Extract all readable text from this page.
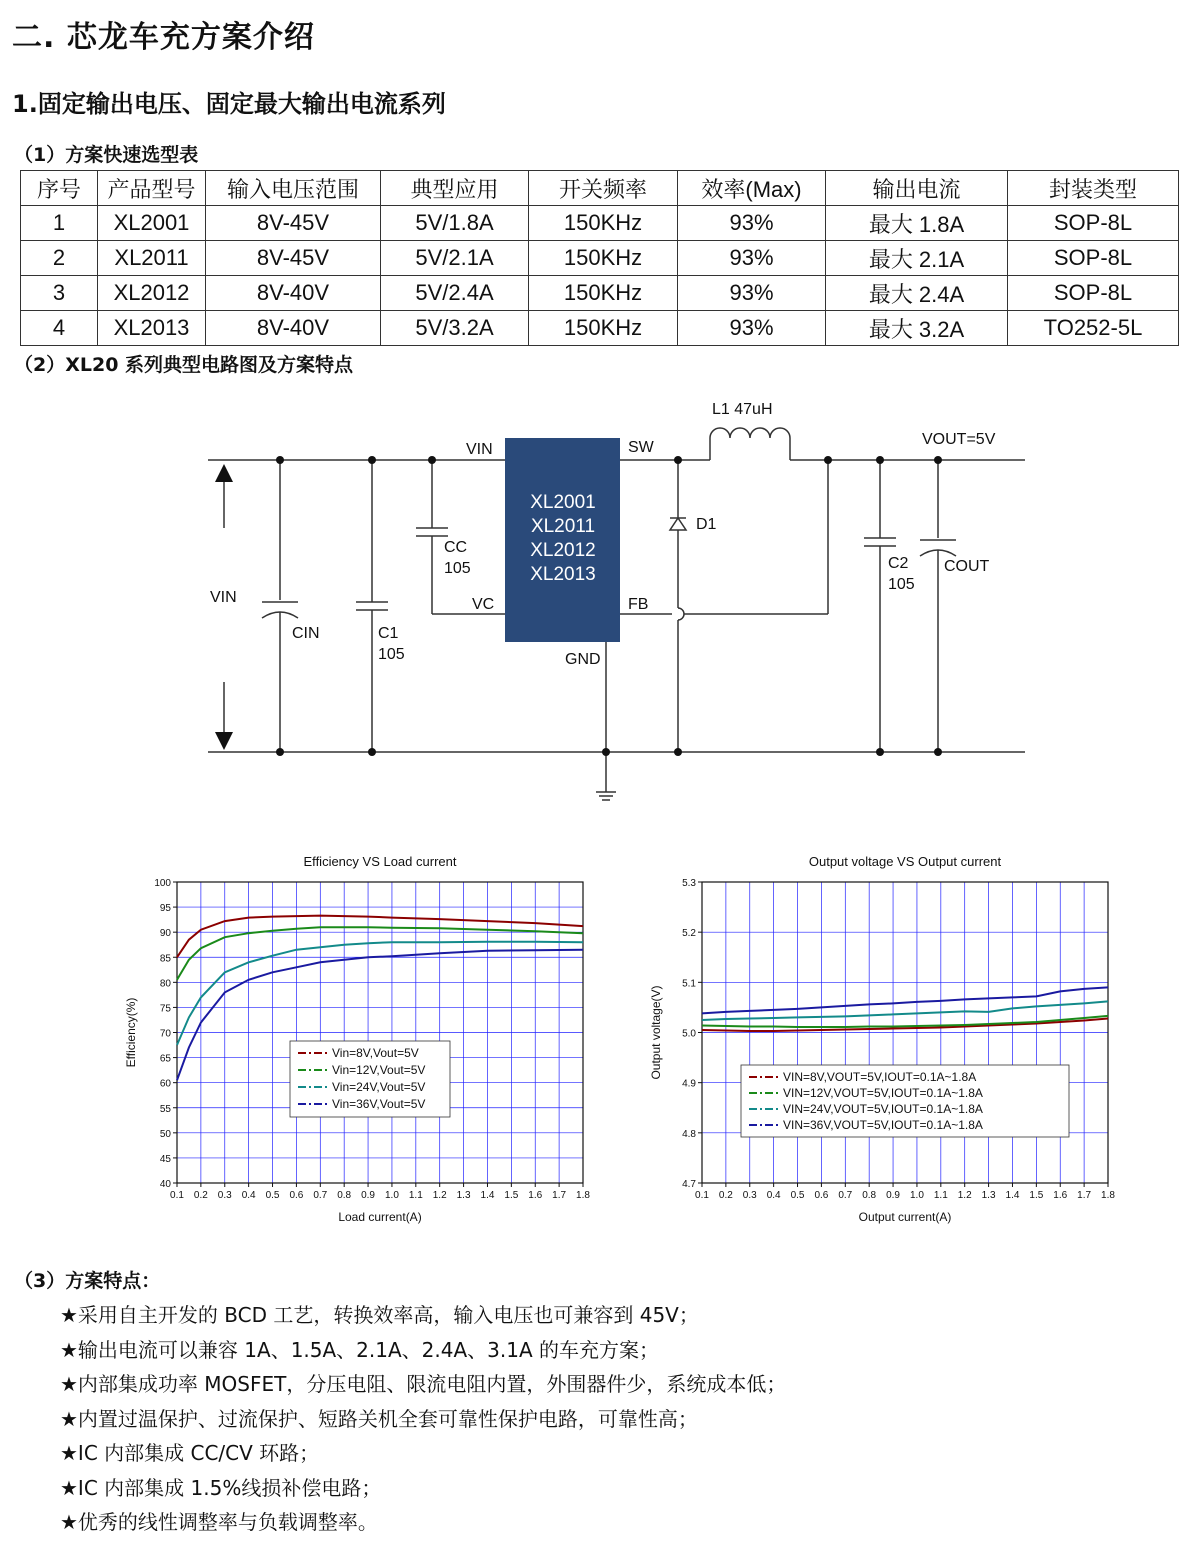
二. 芯龙车充方案介绍
1.固定输出电压、固定最大输出电流系列
（1）方案快速选型表
序号	产品型号	输入电压范围	典型应用	开关频率	效率(Max)	输出电流	封装类型
1	XL2001	8V-45V	5V/1.8A	150KHz	93%	最大 1.8A	SOP-8L
2	XL2011	8V-45V	5V/2.1A	150KHz	93%	最大 2.1A	SOP-8L
3	XL2012	8V-40V	5V/2.4A	150KHz	93%	最大 2.4A	SOP-8L
4	XL2013	8V-40V	5V/3.2A	150KHz	93%	最大 3.2A	TO252-5L
（2）XL20 系列典型电路图及方案特点
XL2001
XL2011
XL2012
XL2013
VIN	SW
VC	FB
GND
L1 47uH
VOUT=5V
VIN
D1
CIN	C1
105
CC
105	C2
105
COUT
Efficiency VS Load current
0.1 0.2 0.3 0.4 0.5 0.6 0.7 0.8 0.9 1.0 1.1 1.2 1.3 1.4 1.5 1.6 1.7 1.8
40
45
50
55
60
65
70
75
80
85
90
95
100
Load current(A)
Efficiency(%)	Vin=8V,Vout=5V
Vin=12V,Vout=5V
Vin=24V,Vout=5V
Vin=36V,Vout=5V
Output voltage VS Output current
0.1 0.2 0.3 0.4 0.5 0.6 0.7 0.8 0.9 1.0 1.1 1.2 1.3 1.4 1.5 1.6 1.7 1.8
4.7
4.8
4.9
5.0
5.1
5.2
5.3
Output current(A)
Output voltage(V)	VIN=8V,VOUT=5V,IOUT=0.1A~1.8A
VIN=12V,VOUT=5V,IOUT=0.1A~1.8A
VIN=24V,VOUT=5V,IOUT=0.1A~1.8A
VIN=36V,VOUT=5V,IOUT=0.1A~1.8A
（3）方案特点：
★采用自主开发的 BCD 工艺，转换效率高，输入电压也可兼容到 45V；
★输出电流可以兼容 1A、1.5A、2.1A、2.4A、3.1A 的车充方案；
★内部集成功率 MOSFET，分压电阻、限流电阻内置，外围器件少，系统成本低；
★内置过温保护、过流保护、短路关机全套可靠性保护电路，可靠性高；
★IC 内部集成 CC/CV 环路；
★IC 内部集成 1.5%线损补偿电路；
★优秀的线性调整率与负载调整率。
